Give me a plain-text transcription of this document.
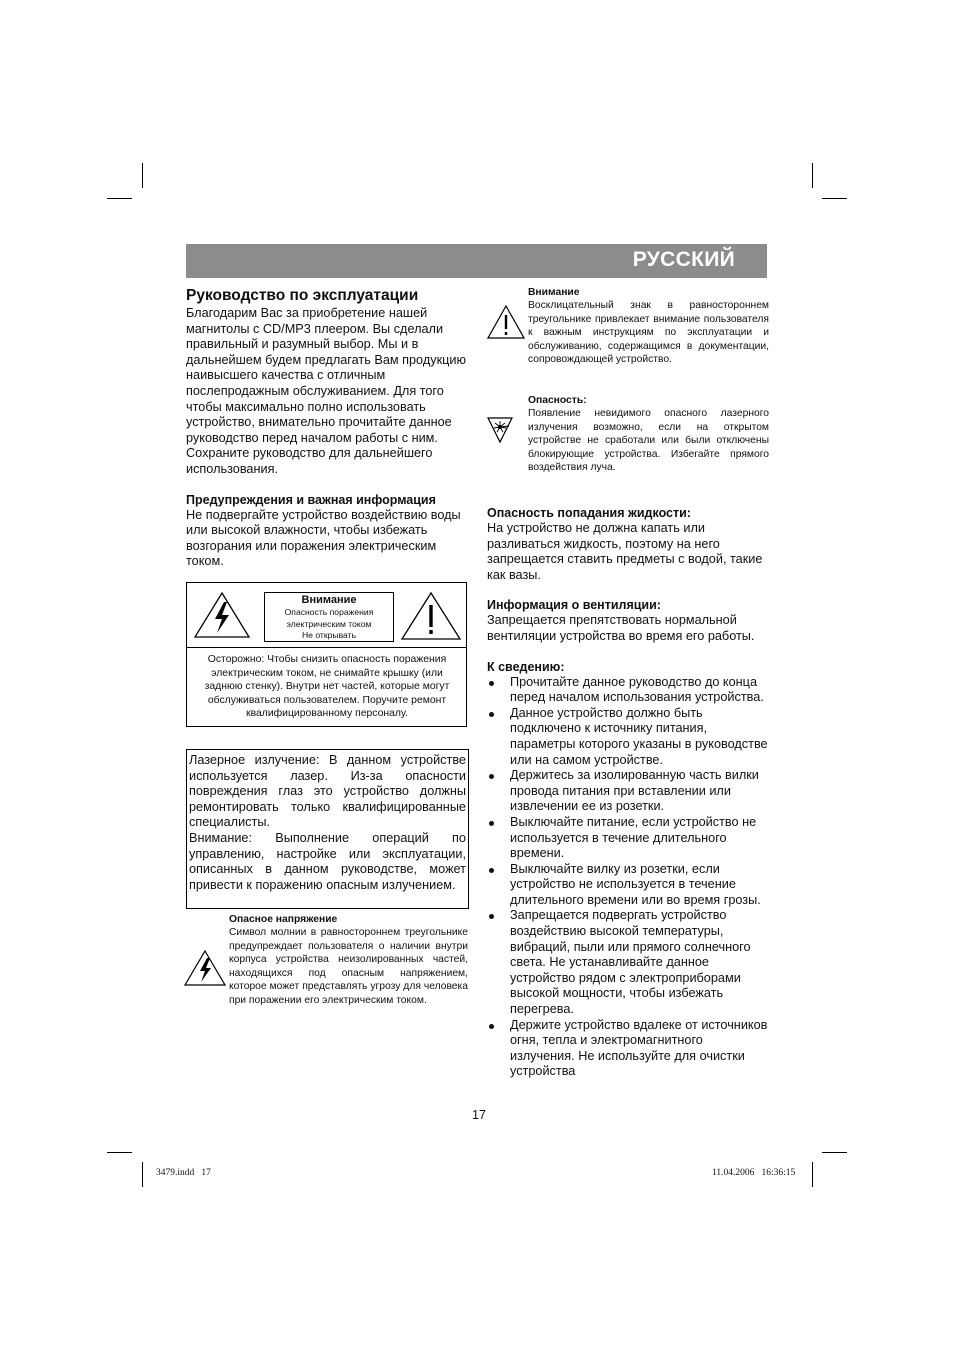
РУССКИЙ

Руководство по эксплуатации

Благодарим Вас за приобретение нашей магнитолы с CD/MP3 плеером. Вы сделали правильный и разумный выбор. Мы и в дальнейшем будем предлагать Вам продукцию наивысшего качества с отличным послепродажным обслуживанием. Для того чтобы максимально полно использовать устройство, внимательно прочитайте данное руководство перед началом работы с ним. Сохраните руководство для дальнейшего использования.

Предупреждения и важная информация

Не подвергайте устройство воздействию воды или высокой влажности, чтобы избежать возгорания или поражения электрическим током.

Внимание
Опасность поражения
электрическим током
Не открывать
Осторожно: Чтобы снизить опасность поражения электрическим током, не снимайте крышку (или заднюю стенку). Внутри нет частей, которые могут обслуживаться пользователем. Поручите ремонт квалифицированному персоналу.
Лазерное излучение: В данном устройстве используется лазер. Из-за опасности повреждения глаз это устройство должны ремонтировать только квалифицированные специалисты.
Внимание: Выполнение операций по управлению, настройке или эксплуатации, описанных в данном руководстве, может привести к поражению опасным излучением.

Опасное напряжение

Символ молнии в равностороннем треугольнике предупреждает пользователя о наличии внутри корпуса устройства неизолированных частей, находящихся под опасным напряжением, которое может представлять угрозу для человека при поражении его электрическим током.

Внимание

Восклицательный знак в равностороннем треугольнике привлекает внимание пользователя к важным инструкциям по эксплуатации и обслуживанию, содержащимся в документации, сопровождающей устройство.

Опасность:

Появление невидимого опасного лазерного излучения возможно, если на открытом устройстве не сработали или были отключены блокирующие устройства. Избегайте прямого воздействия луча.

Опасность попадания жидкости:

На устройство не должна капать или разливаться жидкость, поэтому на него запрещается ставить предметы с водой, такие как вазы.

Информация о вентиляции:

Запрещается препятствовать нормальной вентиляции устройства во время его работы.

К сведению:

Прочитайте данное руководство до конца перед началом использования устройства.
Данное устройство должно быть подключено к источнику питания, параметры которого указаны в руководстве или на самом устройстве.
Держитесь за изолированную часть вилки провода питания при вставлении или извлечении ее из розетки.
Выключайте питание, если устройство не используется в течение длительного времени.
Выключайте вилку из розетки, если устройство не используется в течение длительного времени или во время грозы.
Запрещается подвергать устройство воздействию высокой температуры, вибраций, пыли или прямого солнечного света. Не устанавливайте данное устройство рядом с электроприборами высокой мощности, чтобы избежать перегрева.
Держите устройство вдалеке от источников огня, тепла и электромагнитного излучения. Не используйте для очистки устройства
17
3479.indd   17	11.04.2006   16:36:15
